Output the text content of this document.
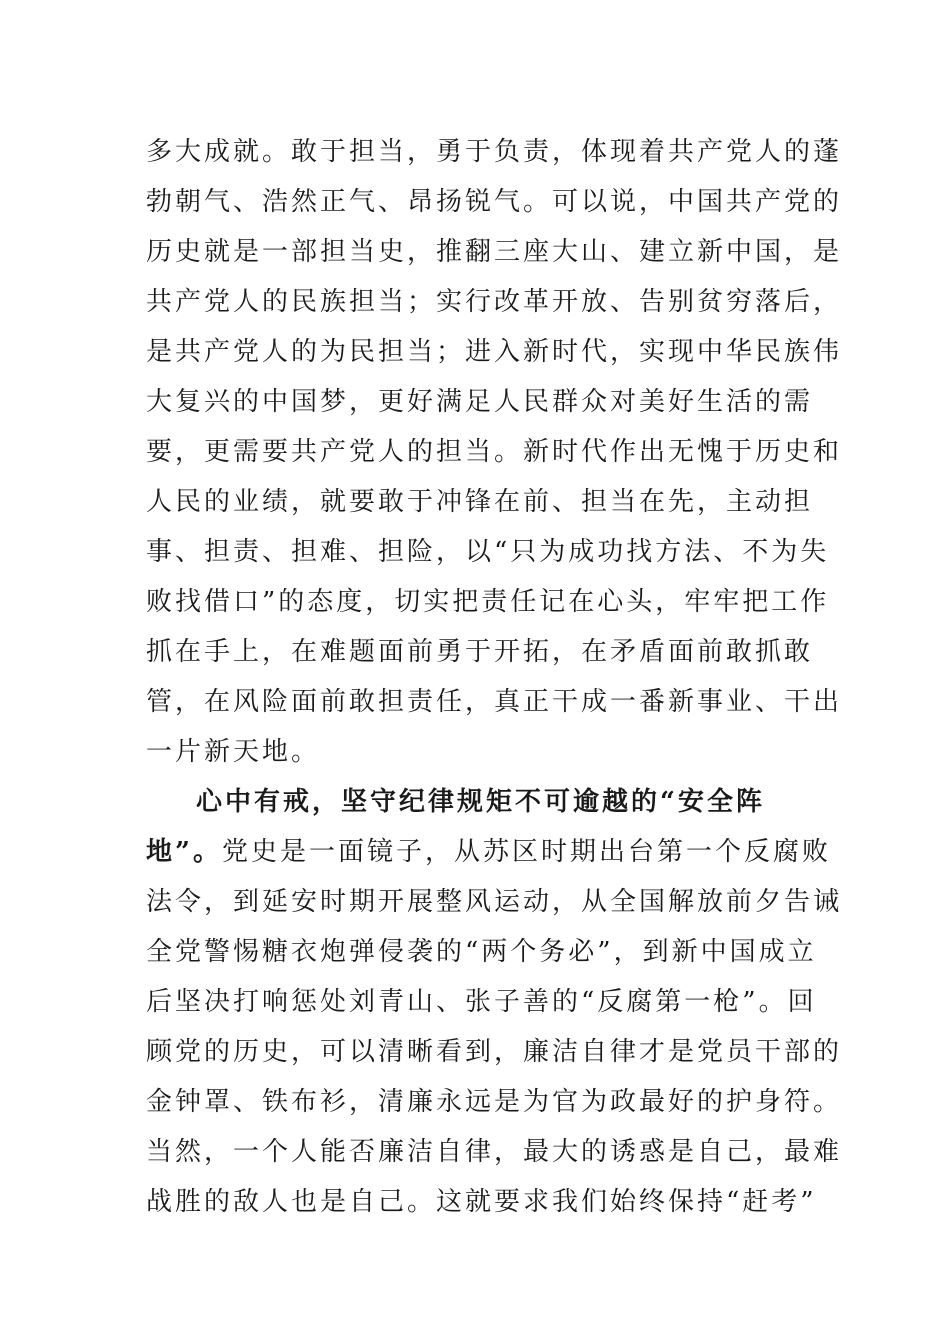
多大成就。敢于担当，勇于负责，体现着共产党人的蓬
勃朝气、浩然正气、昂扬锐气。可以说，中国共产党的
历史就是一部担当史，推翻三座大山、建立新中国，是
共产党人的民族担当；实行改革开放、告别贫穷落后，
是共产党人的为民担当；进入新时代，实现中华民族伟
大复兴的中国梦，更好满足人民群众对美好生活的需
要，更需要共产党人的担当。新时代作出无愧于历史和
人民的业绩，就要敢于冲锋在前、担当在先，主动担
事、担责、担难、担险，以“只为成功找方法、不为失
败找借口”的态度，切实把责任记在心头，牢牢把工作
抓在手上，在难题面前勇于开拓，在矛盾面前敢抓敢
管，在风险面前敢担责任，真正干成一番新事业、干出
一片新天地。
心中有戒，坚守纪律规矩不可逾越的“安全阵
地”。党史是一面镜子，从苏区时期出台第一个反腐败
法令，到延安时期开展整风运动，从全国解放前夕告诫
全党警惕糖衣炮弹侵袭的“两个务必”，到新中国成立
后坚决打响惩处刘青山、张子善的“反腐第一枪”。回
顾党的历史，可以清晰看到，廉洁自律才是党员干部的
金钟罩、铁布衫，清廉永远是为官为政最好的护身符。
当然，一个人能否廉洁自律，最大的诱惑是自己，最难
战胜的敌人也是自己。这就要求我们始终保持“赶考”
